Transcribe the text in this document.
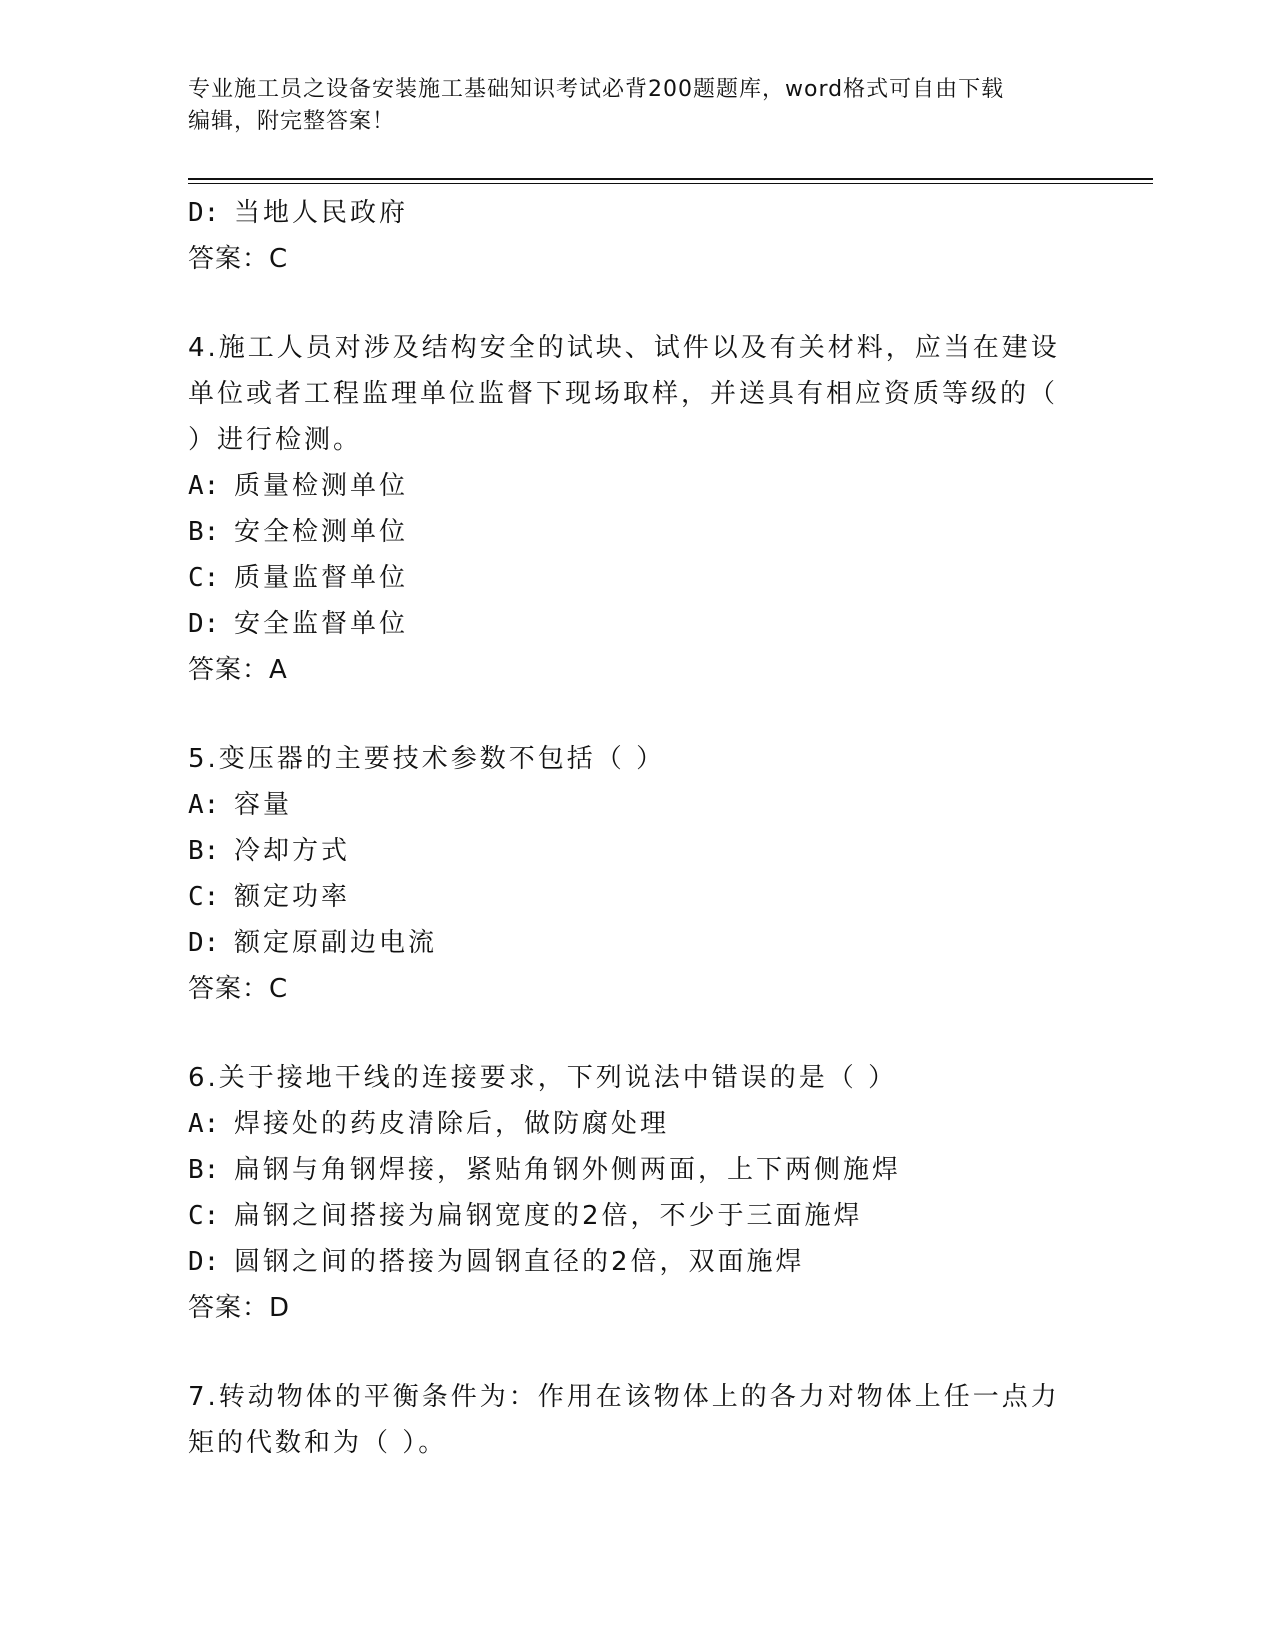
专业施工员之设备安装施工基础知识考试必背200题题库，word格式可自由下载
编辑，附完整答案！
D: 当地人民政府
答案：C
4.施工人员对涉及结构安全的试块、试件以及有关材料，应当在建设
单位或者工程监理单位监督下现场取样，并送具有相应资质等级的（
）进行检测。
A: 质量检测单位
B: 安全检测单位
C: 质量监督单位
D: 安全监督单位
答案：A
5.变压器的主要技术参数不包括（ ）
A: 容量
B: 冷却方式
C: 额定功率
D: 额定原副边电流
答案：C
6.关于接地干线的连接要求，下列说法中错误的是（ ）
A: 焊接处的药皮清除后，做防腐处理
B: 扁钢与角钢焊接，紧贴角钢外侧两面，上下两侧施焊
C: 扁钢之间搭接为扁钢宽度的2倍，不少于三面施焊
D: 圆钢之间的搭接为圆钢直径的2倍，双面施焊
答案：D
7.转动物体的平衡条件为：作用在该物体上的各力对物体上任一点力
矩的代数和为（ ）。
